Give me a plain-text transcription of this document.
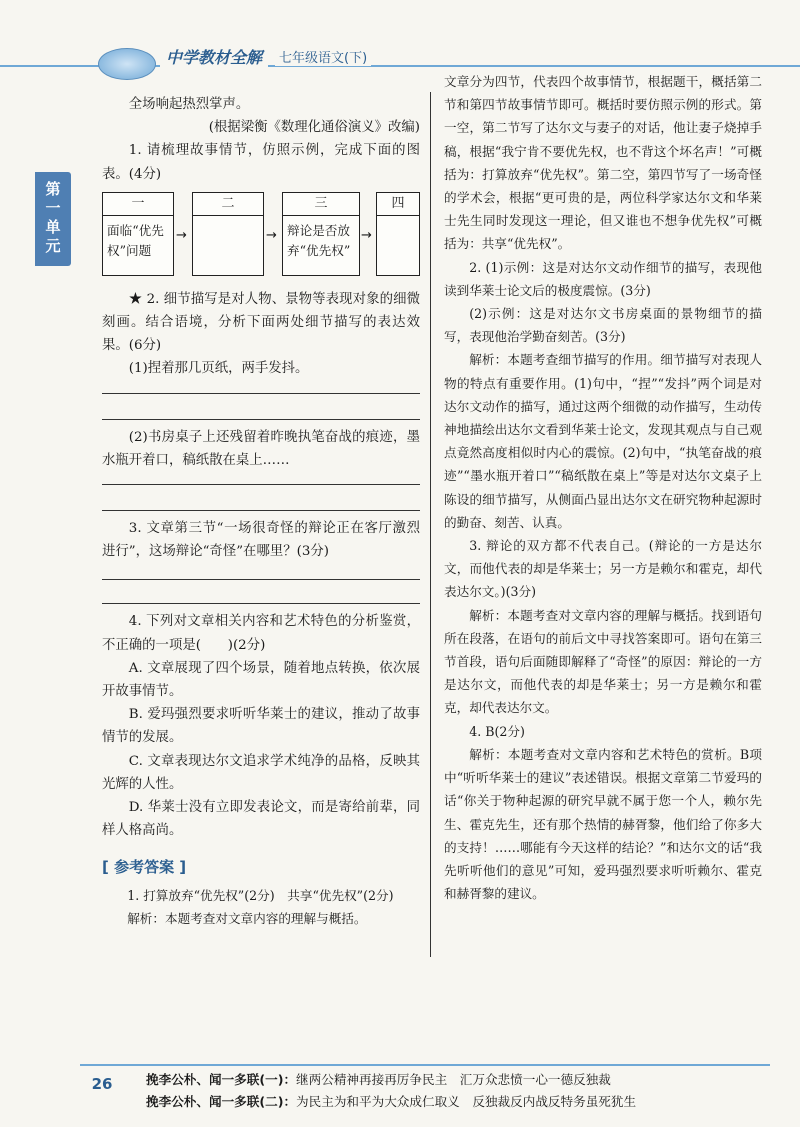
中学教材全解	七年级语文(下)
第一单元

全场响起热烈掌声。

(根据梁衡《数理化通俗演义》改编)

1. 请梳理故事情节，仿照示例，完成下面的图表。(4分)

一
面临“优先权”问题
→
二
→
三
辩论是否放弃“优先权”
→
四

★ 2. 细节描写是对人物、景物等表现对象的细微刻画。结合语境，分析下面两处细节描写的表达效果。(6分)

(1)捏着那几页纸，两手发抖。

(2)书房桌子上还残留着昨晚执笔奋战的痕迹，墨水瓶开着口，稿纸散在桌上……

3. 文章第三节“一场很奇怪的辩论正在客厅激烈进行”，这场辩论“奇怪”在哪里？(3分)

4. 下列对文章相关内容和艺术特色的分析鉴赏，不正确的一项是(　　)(2分)

A. 文章展现了四个场景，随着地点转换，依次展开故事情节。

B. 爱玛强烈要求听听华莱士的建议，推动了故事情节的发展。

C. 文章表现达尔文追求学术纯净的品格，反映其光辉的人性。

D. 华莱士没有立即发表论文，而是寄给前辈，同样人格高尚。

[ 参考答案 ]

1. 打算放弃“优先权”(2分)　共享“优先权”(2分)

解析：本题考查对文章内容的理解与概括。

文章分为四节，代表四个故事情节，根据题干，概括第二节和第四节故事情节即可。概括时要仿照示例的形式。第一空，第二节写了达尔文与妻子的对话，他让妻子烧掉手稿，根据“我宁肯不要优先权，也不背这个坏名声！”可概括为：打算放弃“优先权”。第二空，第四节写了一场奇怪的学术会，根据“更可贵的是，两位科学家达尔文和华莱士先生同时发现这一理论，但又谁也不想争优先权”可概括为：共享“优先权”。

2. (1)示例：这是对达尔文动作细节的描写，表现他读到华莱士论文后的极度震惊。(3分)

(2)示例：这是对达尔文书房桌面的景物细节的描写，表现他治学勤奋刻苦。(3分)

解析：本题考查细节描写的作用。细节描写对表现人物的特点有重要作用。(1)句中，“捏”“发抖”两个词是对达尔文动作的描写，通过这两个细微的动作描写，生动传神地描绘出达尔文看到华莱士论文，发现其观点与自己观点竟然高度相似时内心的震惊。(2)句中，“执笔奋战的痕迹”“墨水瓶开着口”“稿纸散在桌上”等是对达尔文桌子上陈设的细节描写，从侧面凸显出达尔文在研究物种起源时的勤奋、刻苦、认真。

3. 辩论的双方都不代表自己。(辩论的一方是达尔文，而他代表的却是华莱士；另一方是赖尔和霍克，却代表达尔文。)(3分)

解析：本题考查对文章内容的理解与概括。找到语句所在段落，在语句的前后文中寻找答案即可。语句在第三节首段，语句后面随即解释了“奇怪”的原因：辩论的一方是达尔文，而他代表的却是华莱士；另一方是赖尔和霍克，却代表达尔文。

4. B(2分)

解析：本题考查对文章内容和艺术特色的赏析。B项中“听听华莱士的建议”表述错误。根据文章第二节爱玛的话“你关于物种起源的研究早就不属于您一个人，赖尔先生、霍克先生，还有那个热情的赫胥黎，他们给了你多大的支持！……哪能有今天这样的结论？”和达尔文的话“我先听听他们的意见”可知，爱玛强烈要求听听赖尔、霍克和赫胥黎的建议。

26	挽李公朴、闻一多联(一)：继两公精神再接再厉争民主　汇万众悲愤一心一德反独裁
挽李公朴、闻一多联(二)：为民主为和平为大众成仁取义　反独裁反内战反特务虽死犹生
